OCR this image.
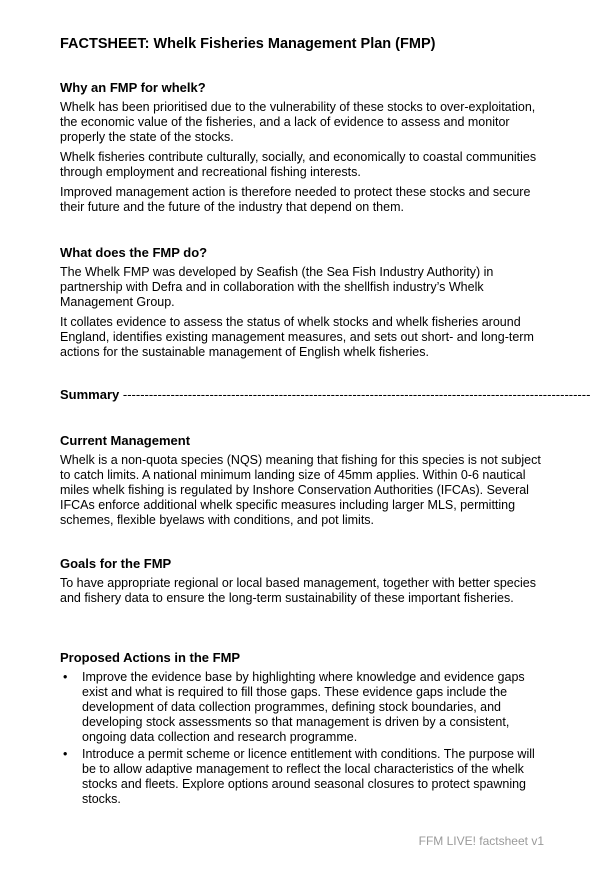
FACTSHEET: Whelk Fisheries Management Plan (FMP)
Why an FMP for whelk?

Whelk has been prioritised due to the vulnerability of these stocks to over-exploitation, the economic value of the fisheries, and a lack of evidence to assess and monitor properly the state of the stocks.

Whelk fisheries contribute culturally, socially, and economically to coastal communities through employment and recreational fishing interests.

Improved management action is therefore needed to protect these stocks and secure their future and the future of the industry that depend on them.

What does the FMP do?

The Whelk FMP was developed by Seafish (the Sea Fish Industry Authority) in partnership with Defra and in collaboration with the shellfish industry’s Whelk Management Group.

It collates evidence to assess the status of whelk stocks and whelk fisheries around England, identifies existing management measures, and sets out short- and long-term actions for the sustainable management of English whelk fisheries.

Summary ------------------------------------------------------------------------------------------------------------
Current Management

Whelk is a non-quota species (NQS) meaning that fishing for this species is not subject to catch limits. A national minimum landing size of 45mm applies. Within 0-6 nautical miles whelk fishing is regulated by Inshore Conservation Authorities (IFCAs). Several IFCAs enforce additional whelk specific measures including larger MLS, permitting schemes, flexible byelaws with conditions, and pot limits.

Goals for the FMP

To have appropriate regional or local based management, together with better species and fishery data to ensure the long-term sustainability of these important fisheries.

Proposed Actions in the FMP
• Improve the evidence base by highlighting where knowledge and evidence gaps exist and what is required to fill those gaps. These evidence gaps include the development of data collection programmes, defining stock boundaries, and developing stock assessments so that management is driven by a consistent, ongoing data collection and research programme.
• Introduce a permit scheme or licence entitlement with conditions. The purpose will be to allow adaptive management to reflect the local characteristics of the whelk stocks and fleets. Explore options around seasonal closures to protect spawning stocks.
FFM LIVE! factsheet v1
